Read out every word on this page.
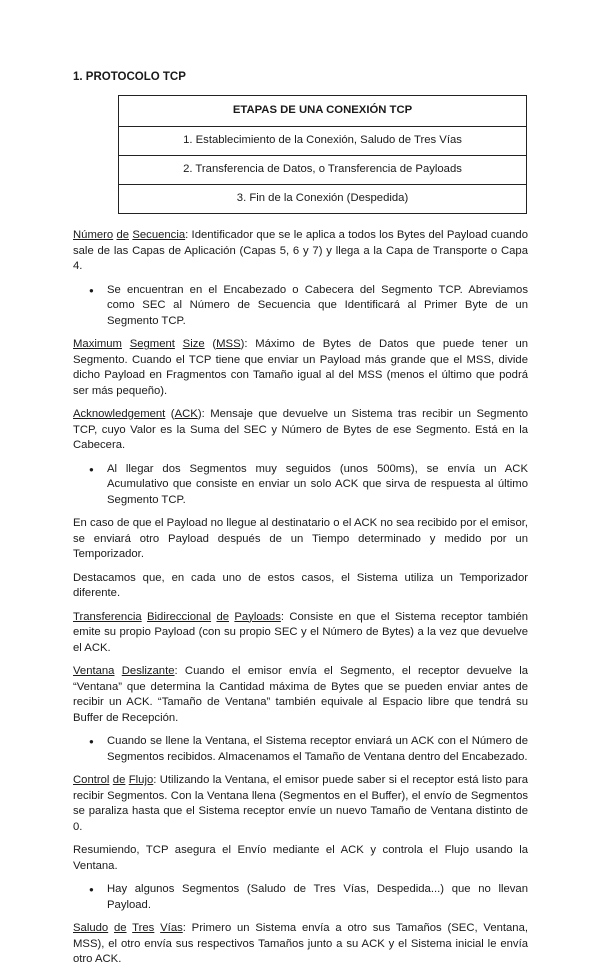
1. PROTOCOLO TCP
ETAPAS DE UNA CONEXIÓN TCP
1. Establecimiento de la Conexión, Saludo de Tres Vías
2. Transferencia de Datos, o Transferencia de Payloads
3. Fin de la Conexión (Despedida)

Número de Secuencia: Identificador que se le aplica a todos los Bytes del Payload cuando sale de las Capas de Aplicación (Capas 5, 6 y 7) y llega a la Capa de Transporte o Capa 4.

● Se encuentran en el Encabezado o Cabecera del Segmento TCP. Abreviamos como SEC al Número de Secuencia que Identificará al Primer Byte de un Segmento TCP.

Maximum Segment Size (MSS): Máximo de Bytes de Datos que puede tener un Segmento. Cuando el TCP tiene que enviar un Payload más grande que el MSS, divide dicho Payload en Fragmentos con Tamaño igual al del MSS (menos el último que podrá ser más pequeño).

Acknowledgement (ACK): Mensaje que devuelve un Sistema tras recibir un Segmento TCP, cuyo Valor es la Suma del SEC y Número de Bytes de ese Segmento. Está en la Cabecera.

● Al llegar dos Segmentos muy seguidos (unos 500ms), se envía un ACK Acumulativo que consiste en enviar un solo ACK que sirva de respuesta al último Segmento TCP.

En caso de que el Payload no llegue al destinatario o el ACK no sea recibido por el emisor, se enviará otro Payload después de un Tiempo determinado y medido por un Temporizador.

Destacamos que, en cada uno de estos casos, el Sistema utiliza un Temporizador diferente.

Transferencia Bidireccional de Payloads: Consiste en que el Sistema receptor también emite su propio Payload (con su propio SEC y el Número de Bytes) a la vez que devuelve el ACK.

Ventana Deslizante: Cuando el emisor envía el Segmento, el receptor devuelve la “Ventana” que determina la Cantidad máxima de Bytes que se pueden enviar antes de recibir un ACK. “Tamaño de Ventana” también equivale al Espacio libre que tendrá su Buffer de Recepción.

● Cuando se llene la Ventana, el Sistema receptor enviará un ACK con el Número de Segmentos recibidos. Almacenamos el Tamaño de Ventana dentro del Encabezado.

Control de Flujo: Utilizando la Ventana, el emisor puede saber si el receptor está listo para recibir Segmentos. Con la Ventana llena (Segmentos en el Buffer), el envío de Segmentos se paraliza hasta que el Sistema receptor envíe un nuevo Tamaño de Ventana distinto de 0.

Resumiendo, TCP asegura el Envío mediante el ACK y controla el Flujo usando la Ventana.

● Hay algunos Segmentos (Saludo de Tres Vías, Despedida...) que no llevan Payload.

Saludo de Tres Vías: Primero un Sistema envía a otro sus Tamaños (SEC, Ventana, MSS), el otro envía sus respectivos Tamaños junto a su ACK y el Sistema inicial le envía otro ACK.
